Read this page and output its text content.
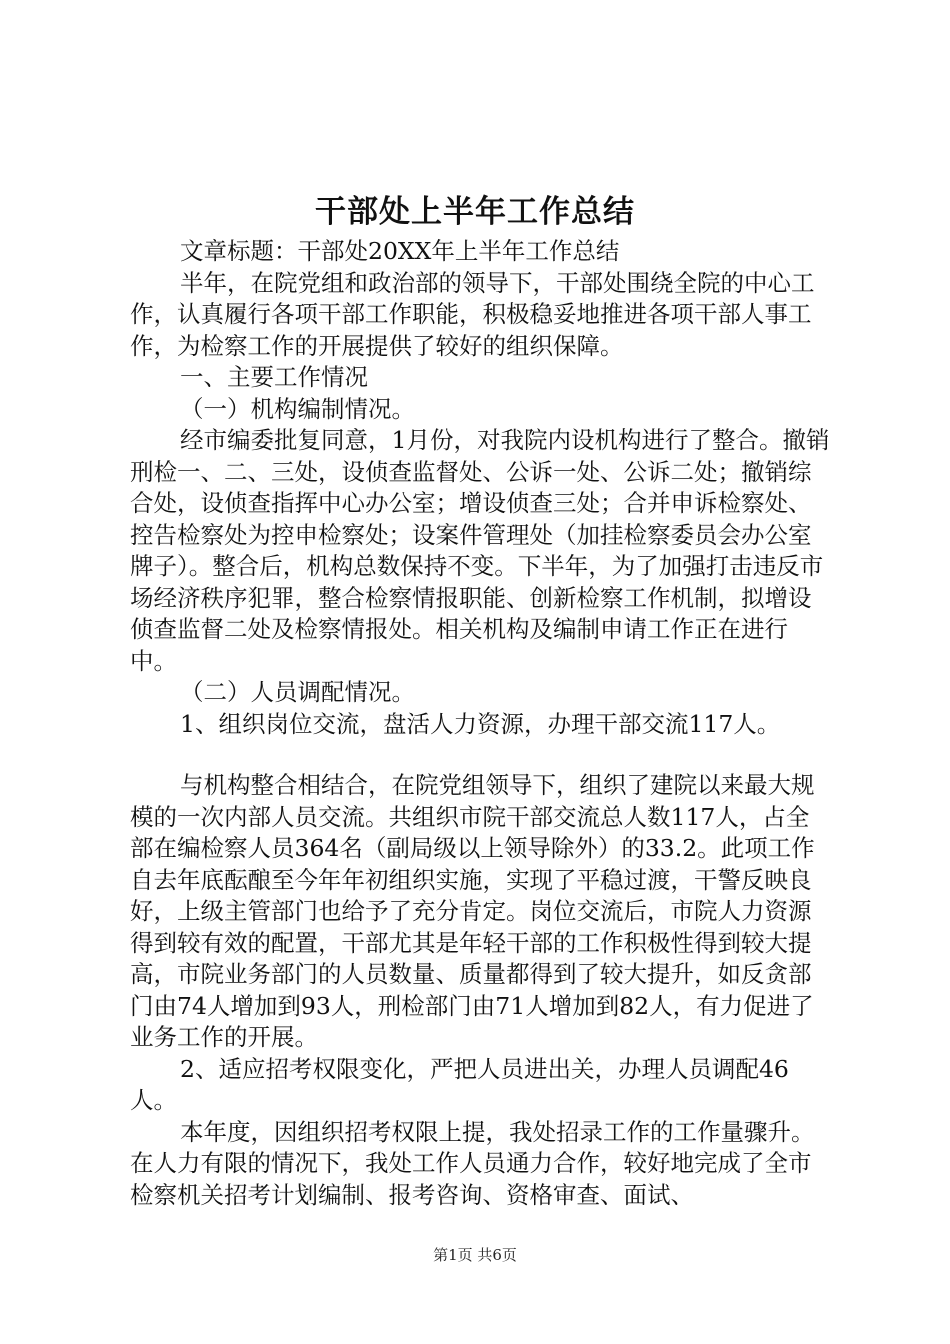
干部处上半年工作总结

文章标题：干部处20XX年上半年工作总结

半年，在院党组和政治部的领导下，干部处围绕全院的中心工作，认真履行各项干部工作职能，积极稳妥地推进各项干部人事工作，为检察工作的开展提供了较好的组织保障。

一、主要工作情况

（一）机构编制情况。

经市编委批复同意，1月份，对我院内设机构进行了整合。撤销刑检一、二、三处，设侦查监督处、公诉一处、公诉二处；撤销综合处，设侦查指挥中心办公室；增设侦查三处；合并申诉检察处、控告检察处为控申检察处；设案件管理处（加挂检察委员会办公室牌子）。整合后，机构总数保持不变。下半年，为了加强打击违反市场经济秩序犯罪，整合检察情报职能、创新检察工作机制，拟增设侦查监督二处及检察情报处。相关机构及编制申请工作正在进行中。

（二）人员调配情况。

1、组织岗位交流，盘活人力资源，办理干部交流117人。

与机构整合相结合，在院党组领导下，组织了建院以来最大规模的一次内部人员交流。共组织市院干部交流总人数117人，占全部在编检察人员364名（副局级以上领导除外）的33.2。此项工作自去年底酝酿至今年年初组织实施，实现了平稳过渡，干警反映良好，上级主管部门也给予了充分肯定。岗位交流后，市院人力资源得到较有效的配置，干部尤其是年轻干部的工作积极性得到较大提高，市院业务部门的人员数量、质量都得到了较大提升，如反贪部门由74人增加到93人，刑检部门由71人增加到82人，有力促进了业务工作的开展。

2、适应招考权限变化，严把人员进出关，办理人员调配46人。

本年度，因组织招考权限上提，我处招录工作的工作量骤升。在人力有限的情况下，我处工作人员通力合作，较好地完成了全市检察机关招考计划编制、报考咨询、资格审查、面试、

第1页 共6页
